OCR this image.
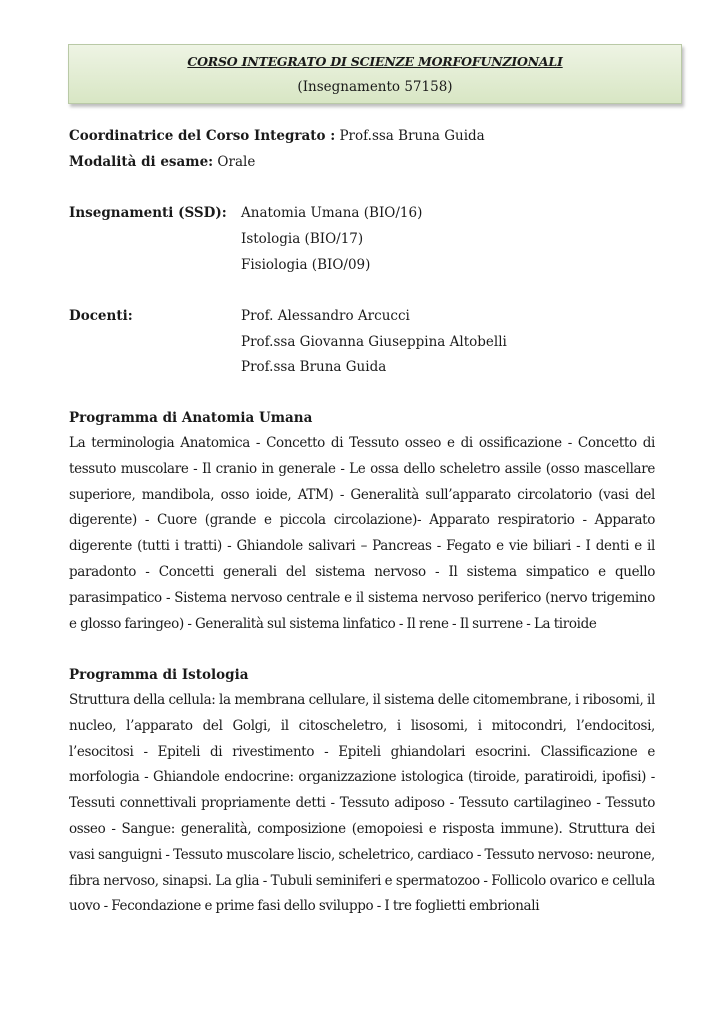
CORSO INTEGRATO DI SCIENZE MORFOFUNZIONALI
(Insegnamento 57158)
Coordinatrice del Corso Integrato : Prof.ssa Bruna Guida
Modalità di esame: Orale
Insegnamenti (SSD): Anatomia Umana (BIO/16)
Istologia (BIO/17)
Fisiologia (BIO/09)
Docenti:	Prof. Alessandro Arcucci
Prof.ssa Giovanna Giuseppina Altobelli
Prof.ssa Bruna Guida
Programma di Anatomia Umana
La terminologia Anatomica - Concetto di Tessuto osseo e di ossificazione - Concetto di tessuto muscolare - Il cranio in generale - Le ossa dello scheletro assile (osso mascellare superiore, mandibola, osso ioide, ATM) - Generalità sull’apparato circolatorio (vasi del digerente) - Cuore (grande e piccola circolazione)- Apparato respiratorio - Apparato digerente (tutti i tratti) - Ghiandole salivari – Pancreas - Fegato e vie biliari - I denti e il paradonto - Concetti generali del sistema nervoso - Il sistema simpatico e quello parasimpatico - Sistema nervoso centrale e il sistema nervoso periferico (nervo trigemino e glosso faringeo) - Generalità sul sistema linfatico - Il rene - Il surrene - La tiroide
Programma di Istologia
Struttura della cellula: la membrana cellulare, il sistema delle citomembrane, i ribosomi, il nucleo, l’apparato del Golgi, il citoscheletro, i lisosomi, i mitocondri, l’endocitosi, l’esocitosi - Epiteli di rivestimento - Epiteli ghiandolari esocrini. Classificazione e morfologia - Ghiandole endocrine: organizzazione istologica (tiroide, paratiroidi, ipofisi) - Tessuti connettivali propriamente detti - Tessuto adiposo - Tessuto cartilagineo - Tessuto osseo - Sangue: generalità, composizione (emopoiesi e risposta immune). Struttura dei vasi sanguigni - Tessuto muscolare liscio, scheletrico, cardiaco - Tessuto nervoso: neurone, fibra nervoso, sinapsi. La glia - Tubuli seminiferi e spermatozoo - Follicolo ovarico e cellula uovo - Fecondazione e prime fasi dello sviluppo - I tre foglietti embrionali
